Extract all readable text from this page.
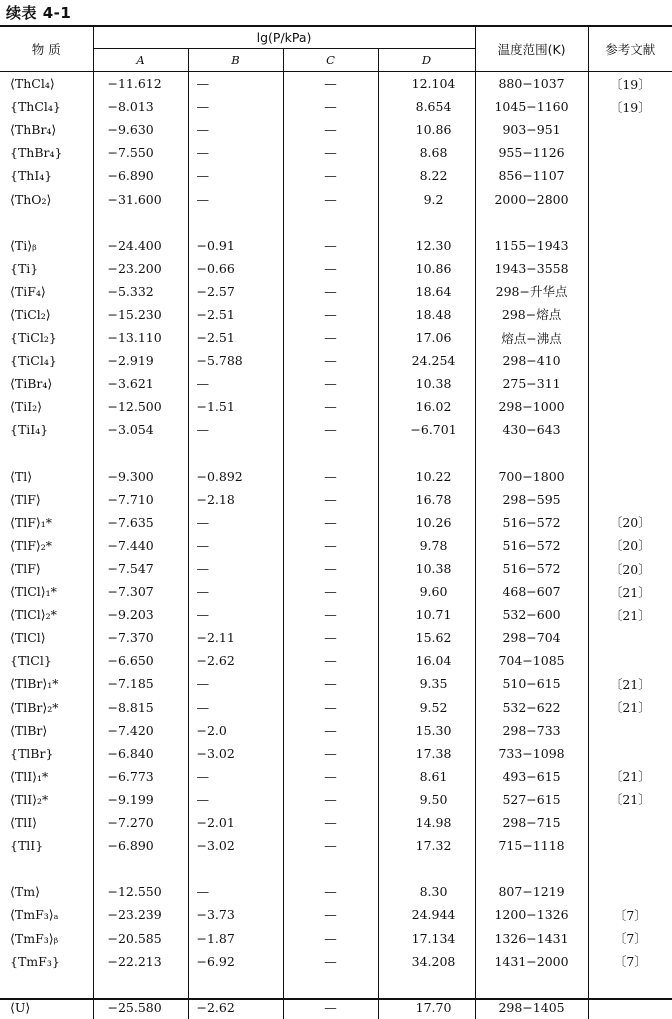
续表 4-1
物 质	lg(P/kPa)				温度范围(K)	参考文献
	A	B	C	D		
⟨ThCl₄⟩	−11.612	—	—	12.104	880−1037	〔19〕
{ThCl₄}	−8.013	—	—	8.654	1045−1160	〔19〕
⟨ThBr₄⟩	−9.630	—	—	10.86	903−951	
{ThBr₄}	−7.550	—	—	8.68	955−1126	
{ThI₄}	−6.890	—	—	8.22	856−1107	
⟨ThO₂⟩	−31.600	—	—	9.2	2000−2800	

⟨Ti⟩ᵦ	−24.400	−0.91	—	12.30	1155−1943	
{Ti}	−23.200	−0.66	—	10.86	1943−3558	
⟨TiF₄⟩	−5.332	−2.57	—	18.64	298−升华点	
⟨TiCl₂⟩	−15.230	−2.51	—	18.48	298−熔点	
{TiCl₂}	−13.110	−2.51	—	17.06	熔点−沸点	
{TiCl₄}	−2.919	−5.788	—	24.254	298−410	
⟨TiBr₄⟩	−3.621	—	—	10.38	275−311	
⟨TiI₂⟩	−12.500	−1.51	—	16.02	298−1000	
{TiI₄}	−3.054	—	—	−6.701	430−643	

⟨Tl⟩	−9.300	−0.892	—	10.22	700−1800	
⟨TlF⟩	−7.710	−2.18	—	16.78	298−595	
⟨TlF⟩₁*	−7.635	—	—	10.26	516−572	〔20〕
⟨TlF⟩₂*	−7.440	—	—	9.78	516−572	〔20〕
⟨TlF⟩	−7.547	—	—	10.38	516−572	〔20〕
⟨TlCl⟩₁*	−7.307	—	—	9.60	468−607	〔21〕
⟨TlCl⟩₂*	−9.203	—	—	10.71	532−600	〔21〕
⟨TlCl⟩	−7.370	−2.11	—	15.62	298−704	
{TlCl}	−6.650	−2.62	—	16.04	704−1085	
⟨TlBr⟩₁*	−7.185	—	—	9.35	510−615	〔21〕
⟨TlBr⟩₂*	−8.815	—	—	9.52	532−622	〔21〕
⟨TlBr⟩	−7.420	−2.0	—	15.30	298−733	
{TlBr}	−6.840	−3.02	—	17.38	733−1098	
⟨TlI⟩₁*	−6.773	—	—	8.61	493−615	〔21〕
⟨TlI⟩₂*	−9.199	—	—	9.50	527−615	〔21〕
⟨TlI⟩	−7.270	−2.01	—	14.98	298−715	
{TlI}	−6.890	−3.02	—	17.32	715−1118	

⟨Tm⟩	−12.550	—	—	8.30	807−1219	
⟨TmF₃⟩ₐ	−23.239	−3.73	—	24.944	1200−1326	〔7〕
⟨TmF₃⟩ᵦ	−20.585	−1.87	—	17.134	1326−1431	〔7〕
{TmF₃}	−22.213	−6.92	—	34.208	1431−2000	〔7〕

⟨U⟩	−25.580	−2.62	—	17.70	298−1405	
